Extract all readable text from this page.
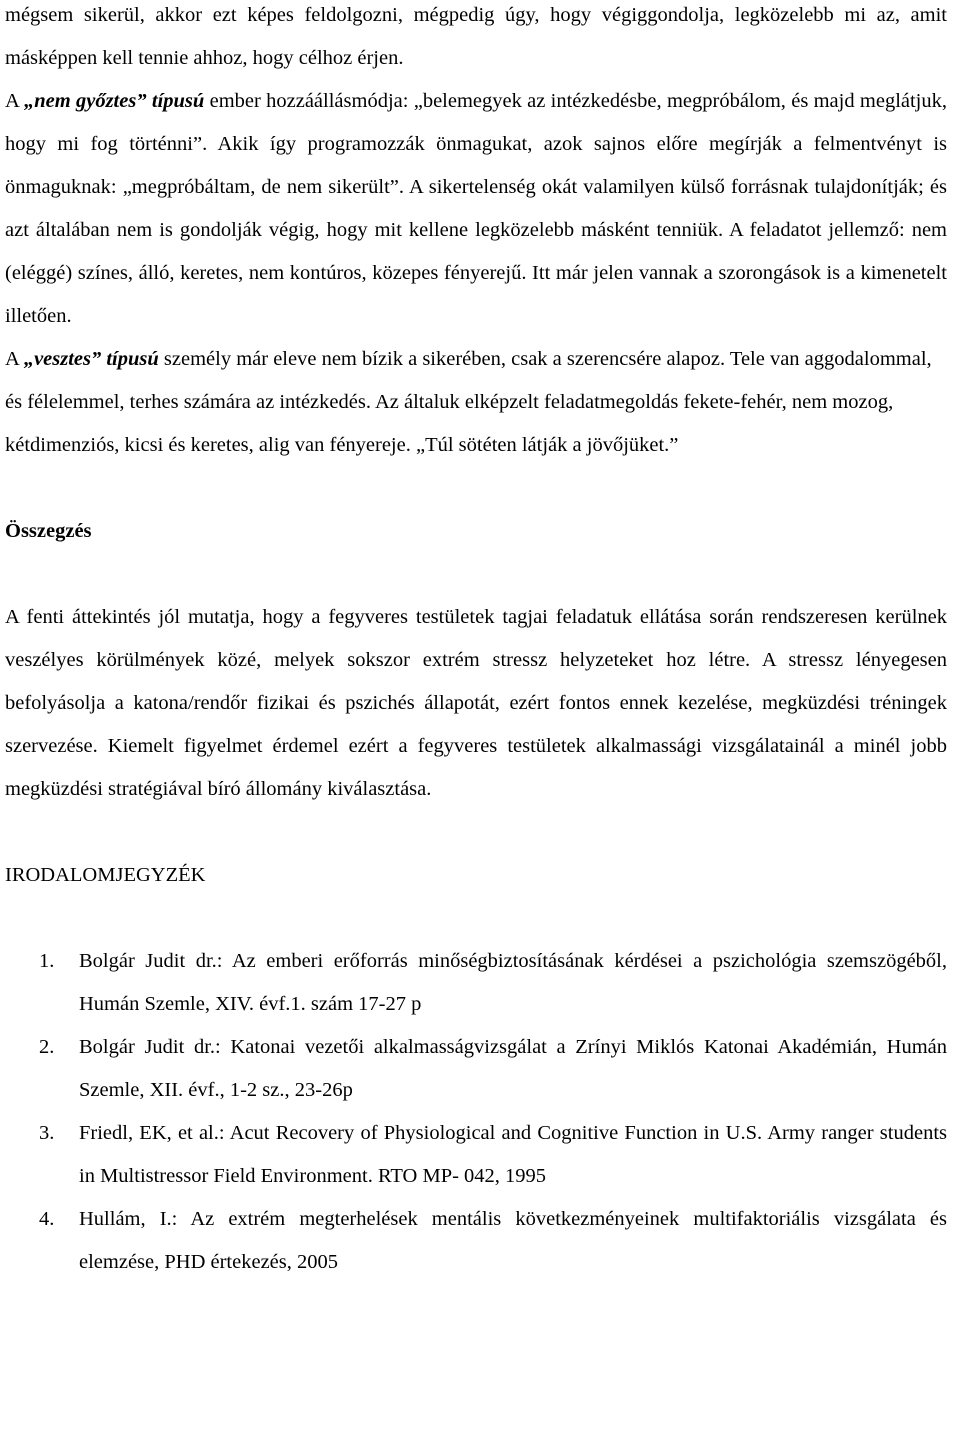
mégsem sikerül, akkor ezt képes feldolgozni, mégpedig úgy, hogy végiggondolja, legközelebb mi az, amit másképpen kell tennie ahhoz, hogy célhoz érjen.

A „nem győztes” típusú ember hozzáállásmódja: „belemegyek az intézkedésbe, megpróbálom, és majd meglátjuk, hogy mi fog történni”. Akik így programozzák önmagukat, azok sajnos előre megírják a felmentvényt is önmaguknak: „megpróbáltam, de nem sikerült”. A sikertelenség okát valamilyen külső forrásnak tulajdonítják; és azt általában nem is gondolják végig, hogy mit kellene legközelebb másként tenniük. A feladatot jellemző: nem (eléggé) színes, álló, keretes, nem kontúros, közepes fényerejű. Itt már jelen vannak a szorongások is a kimenetelt illetően.

A „vesztes” típusú személy már eleve nem bízik a sikerében, csak a szerencsére alapoz. Tele van aggodalommal, és félelemmel, terhes számára az intézkedés. Az általuk elképzelt feladatmegoldás fekete-fehér, nem mozog, kétdimenziós, kicsi és keretes, alig van fényereje. „Túl sötéten látják a jövőjüket.”

Összegzés

A fenti áttekintés jól mutatja, hogy a fegyveres testületek tagjai feladatuk ellátása során rendszeresen kerülnek veszélyes körülmények közé, melyek sokszor extrém stressz helyzeteket hoz létre. A stressz lényegesen befolyásolja a katona/rendőr fizikai és pszichés állapotát, ezért fontos ennek kezelése, megküzdési tréningek szervezése. Kiemelt figyelmet érdemel ezért a fegyveres testületek alkalmassági vizsgálatainál a minél jobb megküzdési stratégiával bíró állomány kiválasztása.

IRODALOMJEGYZÉK
1. Bolgár Judit dr.: Az emberi erőforrás minőségbiztosításának kérdései a pszichológia szemszögéből, Humán Szemle, XIV. évf.1. szám 17-27 p
2. Bolgár Judit dr.: Katonai vezetői alkalmasságvizsgálat a Zrínyi Miklós Katonai Akadémián, Humán Szemle, XII. évf., 1-2 sz., 23-26p
3. Friedl, EK, et al.: Acut Recovery of Physiological and Cognitive Function in U.S. Army ranger students in Multistressor Field Environment. RTO MP- 042, 1995
4. Hullám, I.: Az extrém megterhelések mentális következményeinek multifaktoriális vizsgálata és elemzése, PHD értekezés, 2005
